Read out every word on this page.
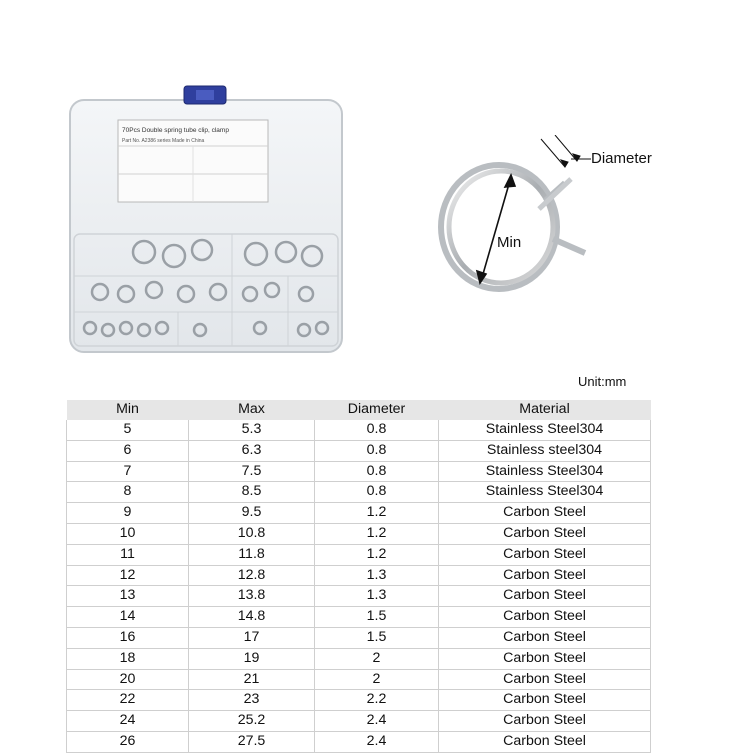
70Pcs Double spring tube clip, clamp
Part No. A2386 series Made in China
Diameter
Min
Unit:mm
Min	Max	Diameter	Material
5	5.3	0.8	Stainless Steel304
6	6.3	0.8	Stainless steel304
7	7.5	0.8	Stainless Steel304
8	8.5	0.8	Stainless Steel304
9	9.5	1.2	Carbon Steel
10	10.8	1.2	Carbon Steel
11	11.8	1.2	Carbon Steel
12	12.8	1.3	Carbon Steel
13	13.8	1.3	Carbon Steel
14	14.8	1.5	Carbon Steel
16	17	1.5	Carbon Steel
18	19	2	Carbon Steel
20	21	2	Carbon Steel
22	23	2.2	Carbon Steel
24	25.2	2.4	Carbon Steel
26	27.5	2.4	Carbon Steel
